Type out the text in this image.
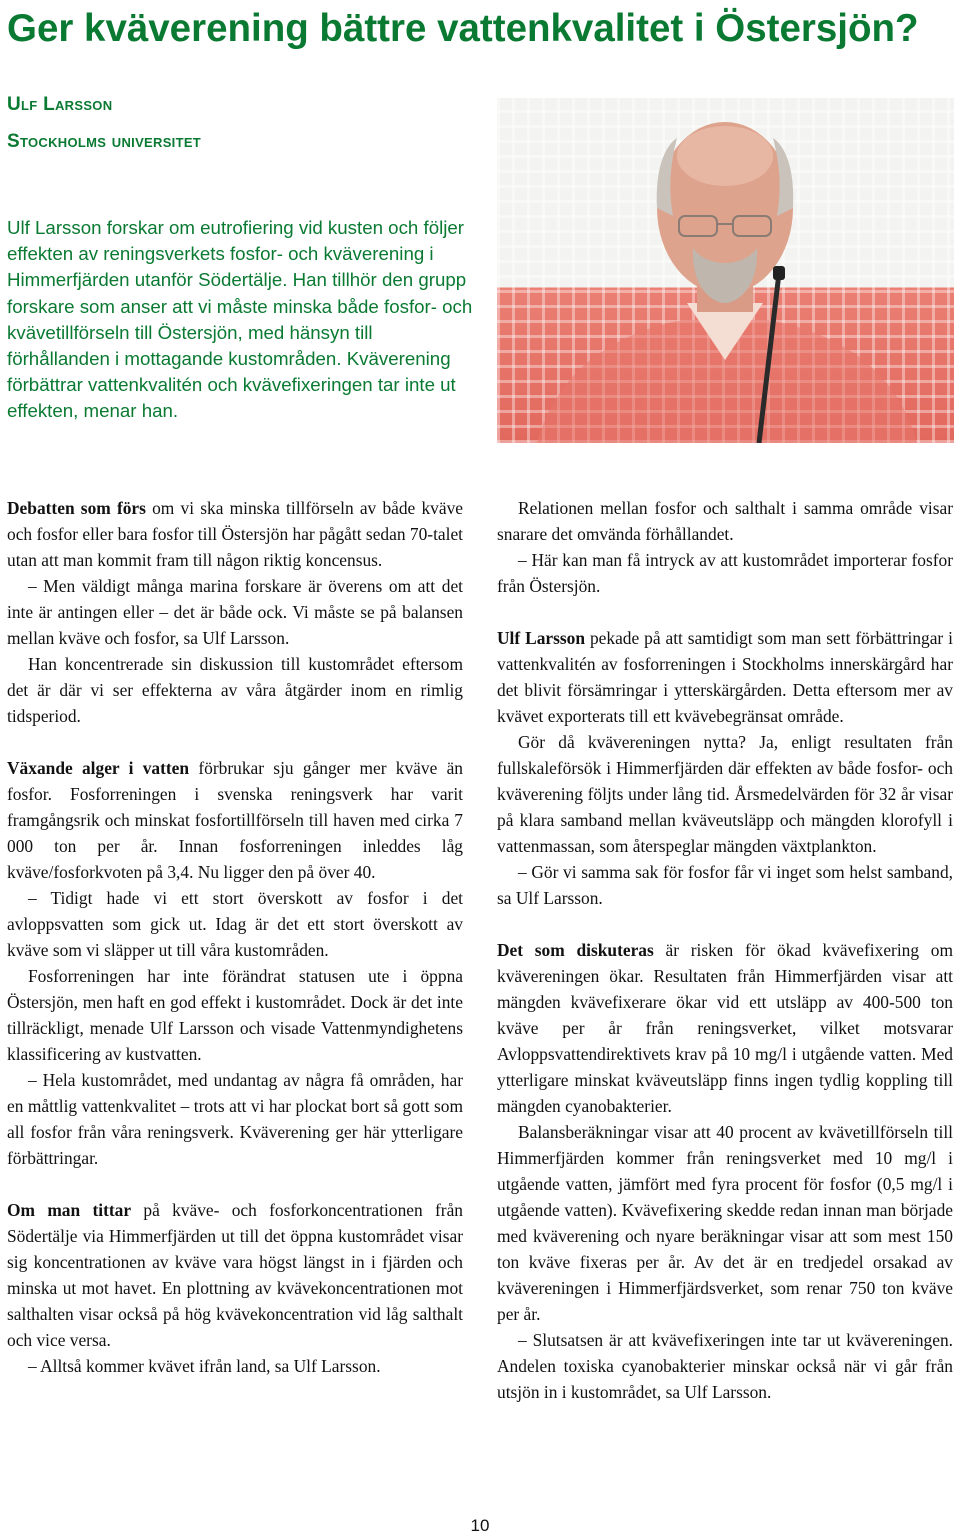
Ger kväverening bättre vattenkvalitet i Östersjön?
Ulf Larsson
Stockholms universitet

Ulf Larsson forskar om eutrofiering vid kusten och följer effekten av reningsverkets fosfor- och kväverening i Himmerfjärden utanför Södertälje. Han tillhör den grupp forskare som anser att vi måste minska både fosfor- och kvävetillförseln till Östersjön, med hänsyn till förhållanden i mottagande kustområden. Kväverening förbättrar vattenkvalitén och kvävefixeringen tar inte ut effekten, menar han.

Debatten som förs om vi ska minska tillförseln av både kväve och fosfor eller bara fosfor till Östersjön har pågått sedan 70-talet utan att man kommit fram till någon riktig koncensus.

– Men väldigt många marina forskare är överens om att det inte är antingen eller – det är både ock. Vi måste se på balansen mellan kväve och fosfor, sa Ulf Larsson.

Han koncentrerade sin diskussion till kustområdet eftersom det är där vi ser effekterna av våra åtgärder inom en rimlig tidsperiod.

Växande alger i vatten förbrukar sju gånger mer kväve än fosfor. Fosforreningen i svenska reningsverk har varit framgångsrik och minskat fosfortillförseln till haven med cirka 7 000 ton per år. Innan fosforreningen inleddes låg kväve/fosforkvoten på 3,4. Nu ligger den på över 40.

– Tidigt hade vi ett stort överskott av fosfor i det avloppsvatten som gick ut. Idag är det ett stort överskott av kväve som vi släpper ut till våra kustområden.

Fosforreningen har inte förändrat statusen ute i öppna Östersjön, men haft en god effekt i kustområdet. Dock är det inte tillräckligt, menade Ulf Larsson och visade Vattenmyndighetens klassificering av kustvatten.

– Hela kustområdet, med undantag av några få områden, har en måttlig vattenkvalitet – trots att vi har plockat bort så gott som all fosfor från våra reningsverk. Kväverening ger här ytterligare förbättringar.

Om man tittar på kväve- och fosforkoncentrationen från Södertälje via Himmerfjärden ut till det öppna kustområdet visar sig koncentrationen av kväve vara högst längst in i fjärden och minska ut mot havet. En plottning av kvävekoncentrationen mot salthalten visar också på hög kvävekoncentration vid låg salthalt och vice versa.

– Alltså kommer kvävet ifrån land, sa Ulf Larsson.

Relationen mellan fosfor och salthalt i samma område visar snarare det omvända förhållandet.

– Här kan man få intryck av att kustområdet importerar fosfor från Östersjön.

Ulf Larsson pekade på att samtidigt som man sett förbättringar i vattenkvalitén av fosforreningen i Stockholms innerskärgård har det blivit försämringar i ytterskärgården. Detta eftersom mer av kvävet exporterats till ett kvävebegränsat område.

Gör då kvävereningen nytta? Ja, enligt resultaten från fullskaleförsök i Himmerfjärden där effekten av både fosfor- och kväverening följts under lång tid. Årsmedelvärden för 32 år visar på klara samband mellan kväveutsläpp och mängden klorofyll i vattenmassan, som återspeglar mängden växtplankton.

– Gör vi samma sak för fosfor får vi inget som helst samband, sa Ulf Larsson.

Det som diskuteras är risken för ökad kvävefixering om kvävereningen ökar. Resultaten från Himmerfjärden visar att mängden kvävefixerare ökar vid ett utsläpp av 400-500 ton kväve per år från reningsverket, vilket motsvarar Avloppsvattendirektivets krav på 10 mg/l i utgående vatten. Med ytterligare minskat kväveutsläpp finns ingen tydlig koppling till mängden cyanobakterier.

Balansberäkningar visar att 40 procent av kvävetillförseln till Himmerfjärden kommer från reningsverket med 10 mg/l i utgående vatten, jämfört med fyra procent för fosfor (0,5 mg/l i utgående vatten). Kvävefixering skedde redan innan man började med kväverening och nyare beräkningar visar att som mest 150 ton kväve fixeras per år. Av det är en tredjedel orsakad av kvävereningen i Himmerfjärdsverket, som renar 750 ton kväve per år.

– Slutsatsen är att kvävefixeringen inte tar ut kvävereningen. Andelen toxiska cyanobakterier minskar också när vi går från utsjön in i kustområdet, sa Ulf Larsson.

10
